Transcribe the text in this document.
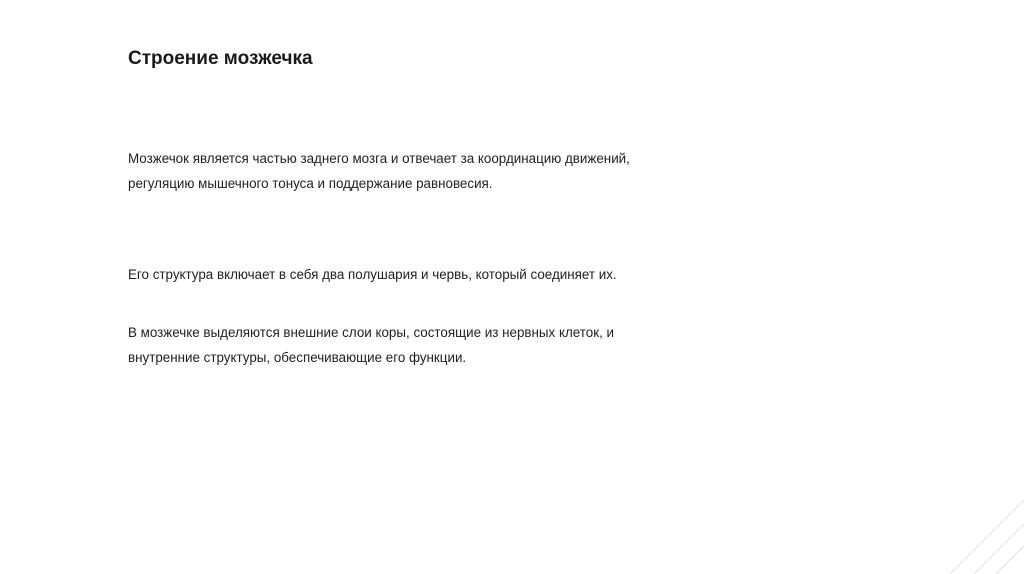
Строение мозжечка

Мозжечок является частью заднего мозга и отвечает за координацию движений,
регуляцию мышечного тонуса и поддержание равновесия.

Его структура включает в себя два полушария и червь, который соединяет их.

В мозжечке выделяются внешние слои коры, состоящие из нервных клеток, и
внутренние структуры, обеспечивающие его функции.
